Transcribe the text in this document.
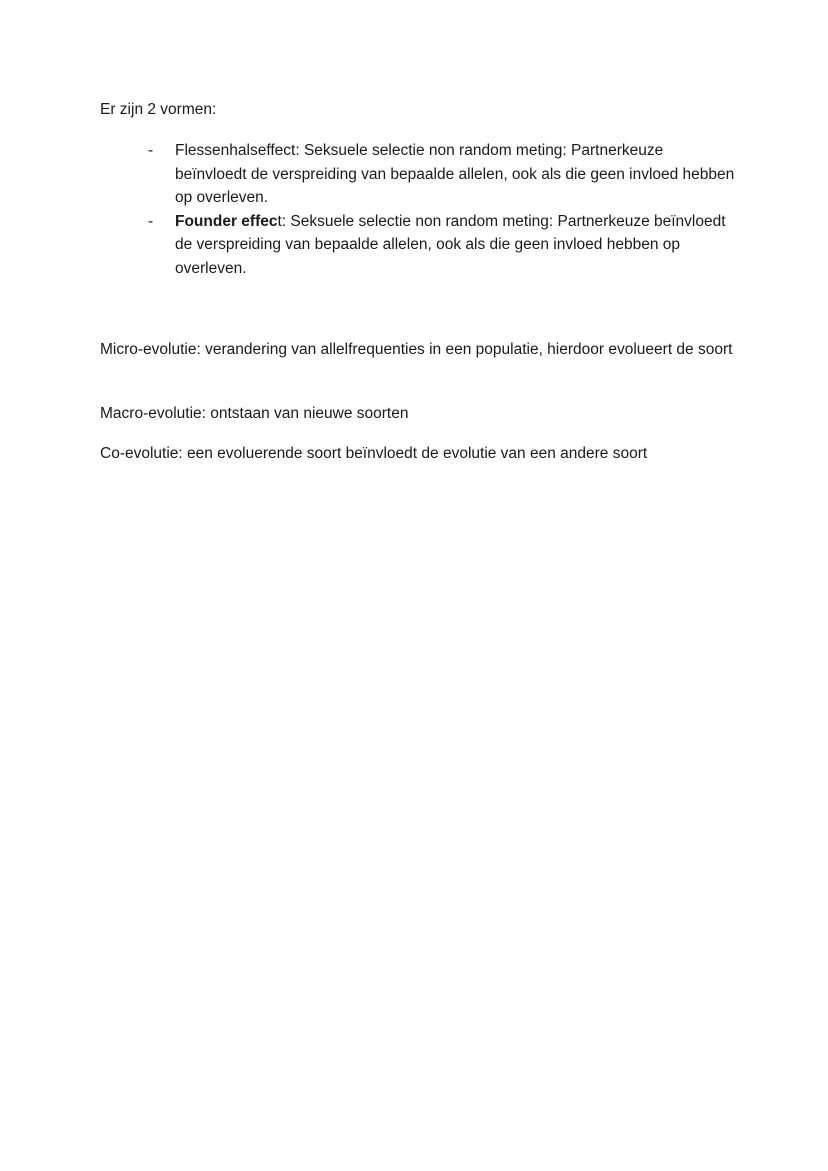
Er zijn 2 vormen:

- Flessenhalseffect: Seksuele selectie non random meting: Partnerkeuze beïnvloedt de verspreiding van bepaalde allelen, ook als die geen invloed hebben op overleven.
- Founder effect: Seksuele selectie non random meting: Partnerkeuze beïnvloedt de verspreiding van bepaalde allelen, ook als die geen invloed hebben op overleven.

Micro-evolutie: verandering van allelfrequenties in een populatie, hierdoor evolueert de soort

Macro-evolutie: ontstaan van nieuwe soorten

Co-evolutie: een evoluerende soort beïnvloedt de evolutie van een andere soort
